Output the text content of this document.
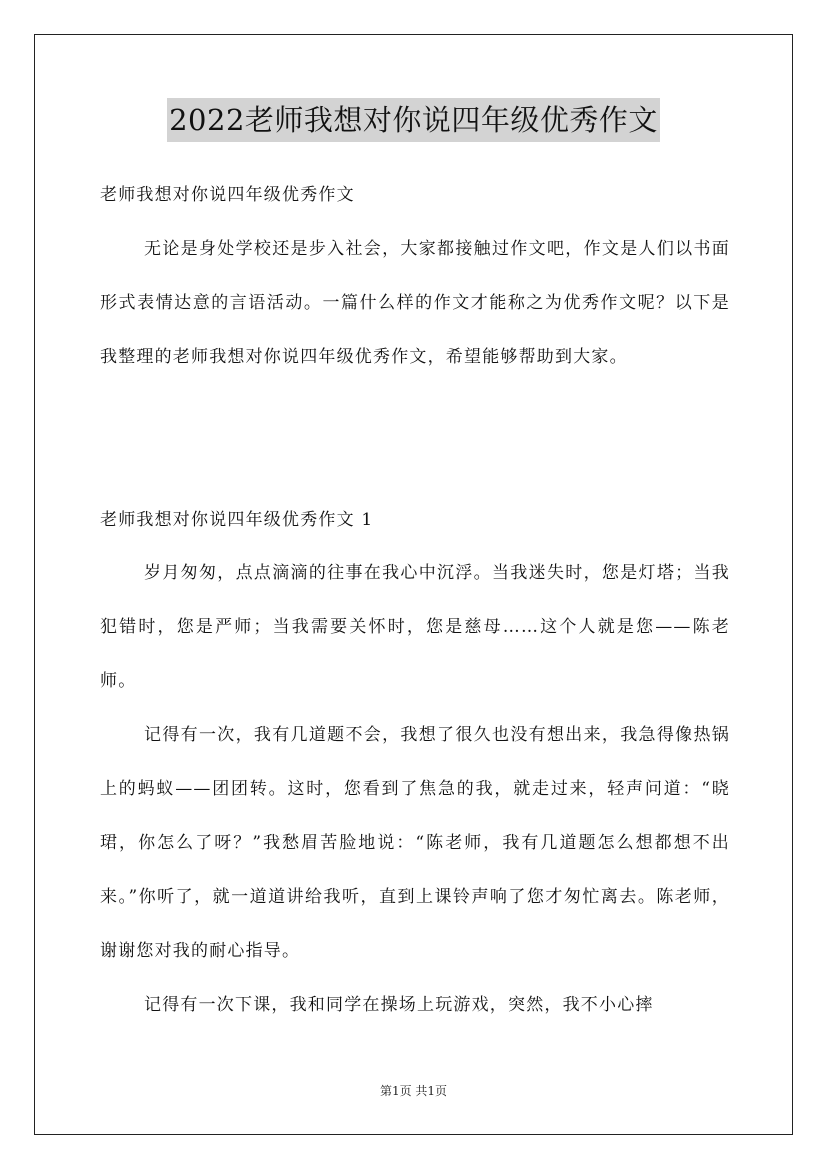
2022老师我想对你说四年级优秀作文
老师我想对你说四年级优秀作文

无论是身处学校还是步入社会，大家都接触过作文吧，作文是人们以书面形式表情达意的言语活动。一篇什么样的作文才能称之为优秀作文呢？以下是我整理的老师我想对你说四年级优秀作文，希望能够帮助到大家。

老师我想对你说四年级优秀作文 1

岁月匆匆，点点滴滴的往事在我心中沉浮。当我迷失时，您是灯塔；当我犯错时，您是严师；当我需要关怀时，您是慈母……这个人就是您——陈老师。

记得有一次，我有几道题不会，我想了很久也没有想出来，我急得像热锅上的蚂蚁——团团转。这时，您看到了焦急的我，就走过来，轻声问道：“晓珺，你怎么了呀？”我愁眉苦脸地说：“陈老师，我有几道题怎么想都想不出来。”你听了，就一道道讲给我听，直到上课铃声响了您才匆忙离去。陈老师，谢谢您对我的耐心指导。

记得有一次下课，我和同学在操场上玩游戏，突然，我不小心摔

第1页 共1页
